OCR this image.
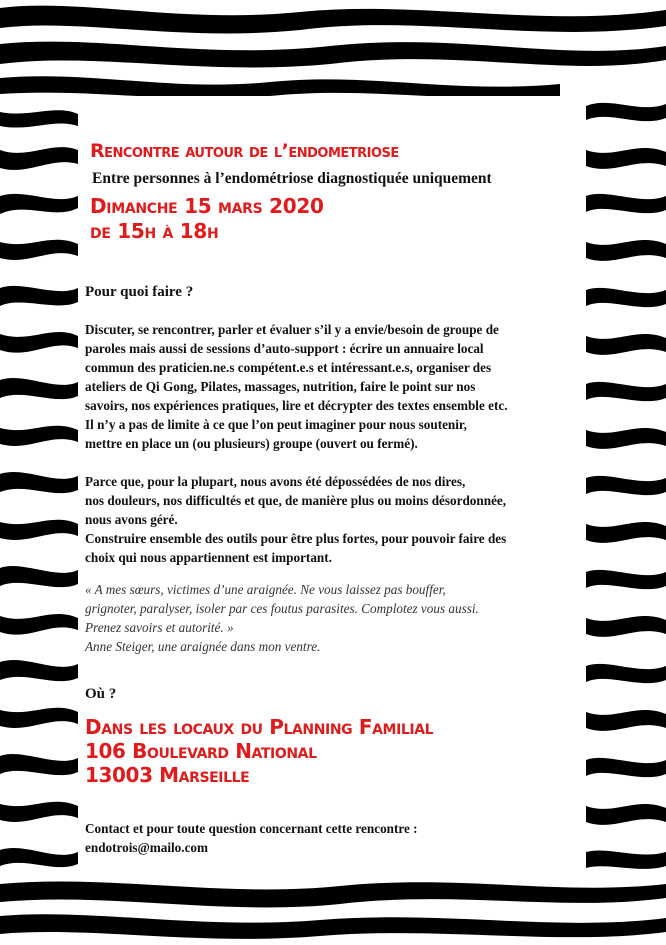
Rencontre autour de l’endometriose

Entre personnes à l’endométriose diagnostiquée uniquement

Dimanche 15 mars 2020

de 15h à 18h

Pour quoi faire ?

Discuter, se rencontrer, parler et évaluer s’il y a envie/besoin de groupe de
paroles mais aussi de sessions d’auto-support : écrire un annuaire local
commun des praticien.ne.s compétent.e.s et intéressant.e.s, organiser des
ateliers de Qi Gong, Pilates, massages, nutrition, faire le point sur nos
savoirs, nos expériences pratiques, lire et décrypter des textes ensemble etc.
Il n’y a pas de limite à ce que l’on peut imaginer pour nous soutenir,
mettre en place un (ou plusieurs) groupe (ouvert ou fermé).
Parce que, pour la plupart, nous avons été dépossédées de nos dires,
nos douleurs, nos difficultés et que, de manière plus ou moins désordonnée,
nous avons géré.
Construire ensemble des outils pour être plus fortes, pour pouvoir faire des
choix qui nous appartiennent est important.
« A mes sœurs, victimes d’une araignée. Ne vous laissez pas bouffer,
grignoter, paralyser, isoler par ces foutus parasites. Complotez vous aussi.
Prenez savoirs et autorité. »
Anne Steiger, une araignée dans mon ventre.

Où ?

Dans les locaux du Planning Familial

106 Boulevard National

13003 Marseille

Contact et pour toute question concernant cette rencontre :
endotrois@mailo.com
